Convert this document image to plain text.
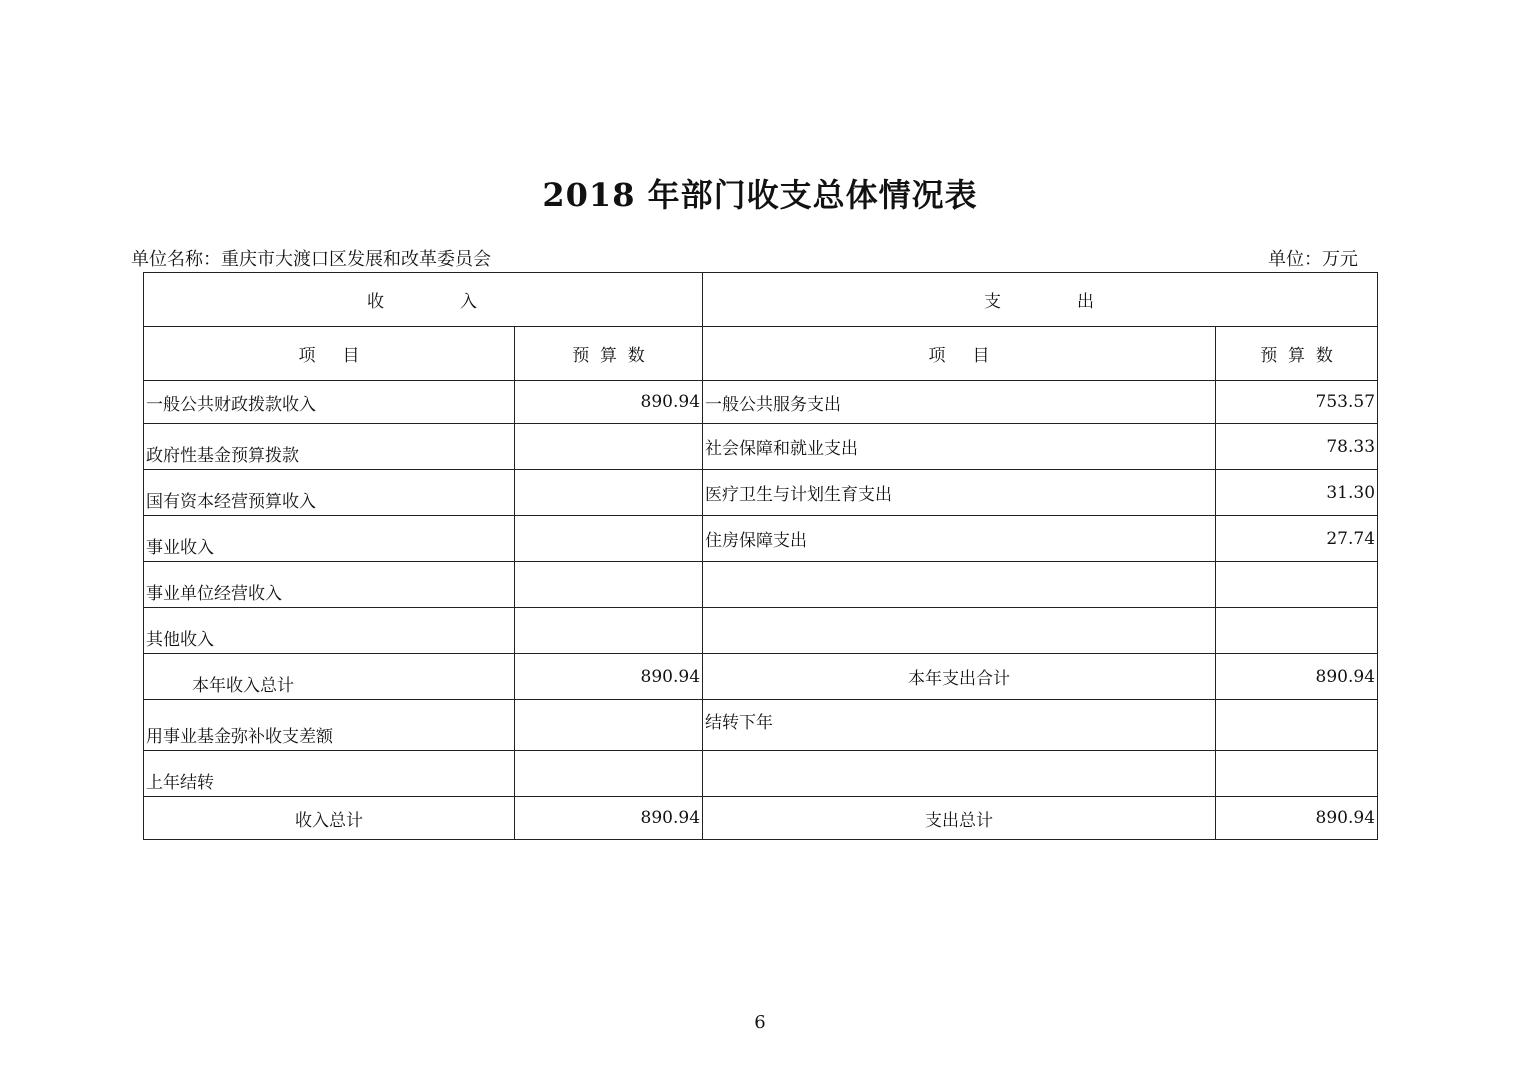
2018 年部门收支总体情况表
单位名称：重庆市大渡口区发展和改革委员会	单位：万元
收          入		支          出	
项     目	预  算  数	项     目	预  算  数
一般公共财政拨款收入	890.94	一般公共服务支出	753.57
政府性基金预算拨款		社会保障和就业支出	78.33
国有资本经营预算收入		医疗卫生与计划生育支出	31.30
事业收入		住房保障支出	27.74
事业单位经营收入			
其他收入			
本年收入总计	890.94	本年支出合计	890.94
用事业基金弥补收支差额		结转下年	
上年结转			
收入总计	890.94	支出总计	890.94
6
